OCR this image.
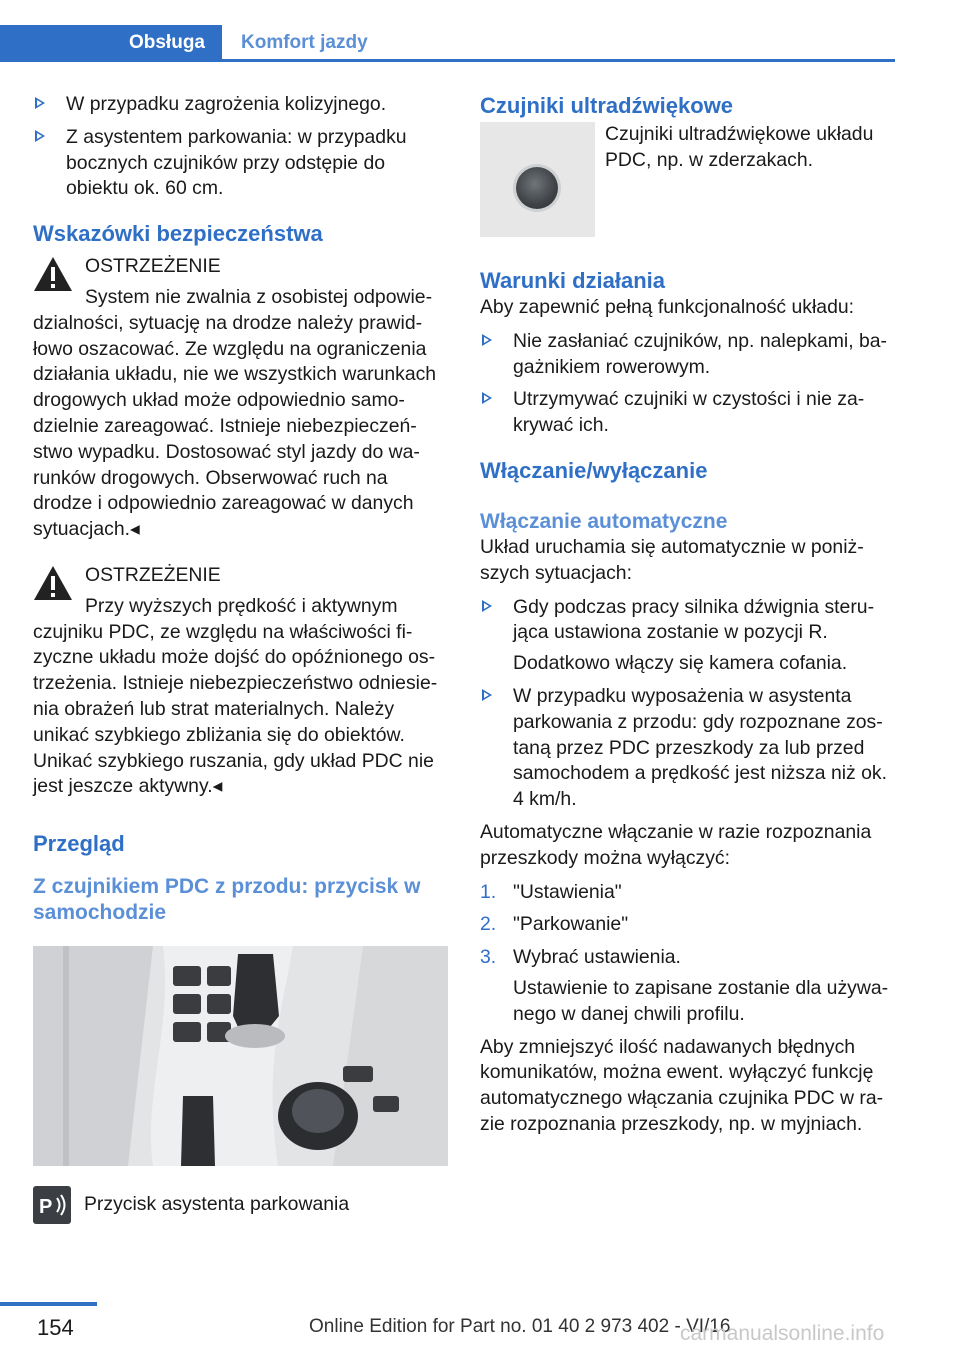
Obsługa	Komfort jazdy
W przypadku zagrożenia kolizyjnego.
Z asystentem parkowania: w przypadku bocznych czujników przy odstępie do obiektu ok. 60 cm.
Wskazówki bezpieczeństwa

OSTRZEŻENIE

System nie zwalnia z osobistej odpowie-dzialności, sytuację na drodze należy prawid-łowo oszacować. Ze względu na ograniczenia działania układu, nie we wszystkich warunkach drogowych układ może odpowiednio samo-dzielnie zareagować. Istnieje niebezpieczeń-stwo wypadku. Dostosować styl jazdy do wa-runków drogowych. Obserwować ruch na drodze i odpowiednio zareagować w danych sytuacjach.◂

OSTRZEŻENIE

Przy wyższych prędkość i aktywnym czujniku PDC, ze względu na właściwości fi-zyczne układu może dojść do opóźnionego os-trzeżenia. Istnieje niebezpieczeństwo odniesie-nia obrażeń lub strat materialnych. Należy unikać szybkiego zbliżania się do obiektów. Unikać szybkiego ruszania, gdy układ PDC nie jest jeszcze aktywny.◂

Przegląd
Z czujnikiem PDC z przodu: przycisk w samochodzie
P Przycisk asystenta parkowania

Czujniki ultradźwiękowe

Czujniki ultradźwiękowe układu PDC, np. w zderzakach.

Warunki działania

Aby zapewnić pełną funkcjonalność układu:

Nie zasłaniać czujników, np. nalepkami, ba-gażnikiem rowerowym.
Utrzymywać czujniki w czystości i nie za-krywać ich.
Włączanie/wyłączanie
Włączanie automatyczne

Układ uruchamia się automatycznie w poniż-szych sytuacjach:

Gdy podczas pracy silnika dźwignia steru-jąca ustawiona zostanie w pozycji R.

Dodatkowo włączy się kamera cofania.

W przypadku wyposażenia w asystenta parkowania z przodu: gdy rozpoznane zos-taną przez PDC przeszkody za lub przed samochodem a prędkość jest niższa niż ok. 4 km/h.

Automatyczne włączanie w razie rozpoznania przeszkody można wyłączyć:

1. "Ustawienia"
2. "Parkowanie"
3. Wybrać ustawienia.

Ustawienie to zapisane zostanie dla używa-nego w danej chwili profilu.

Aby zmniejszyć ilość nadawanych błędnych komunikatów, można ewent. wyłączyć funkcję automatycznego włączania czujnika PDC w ra-zie rozpoznania przeszkody, np. w myjniach.

154	Online Edition for Part no. 01 40 2 973 402 - VI/16
carmanualsonline.info
